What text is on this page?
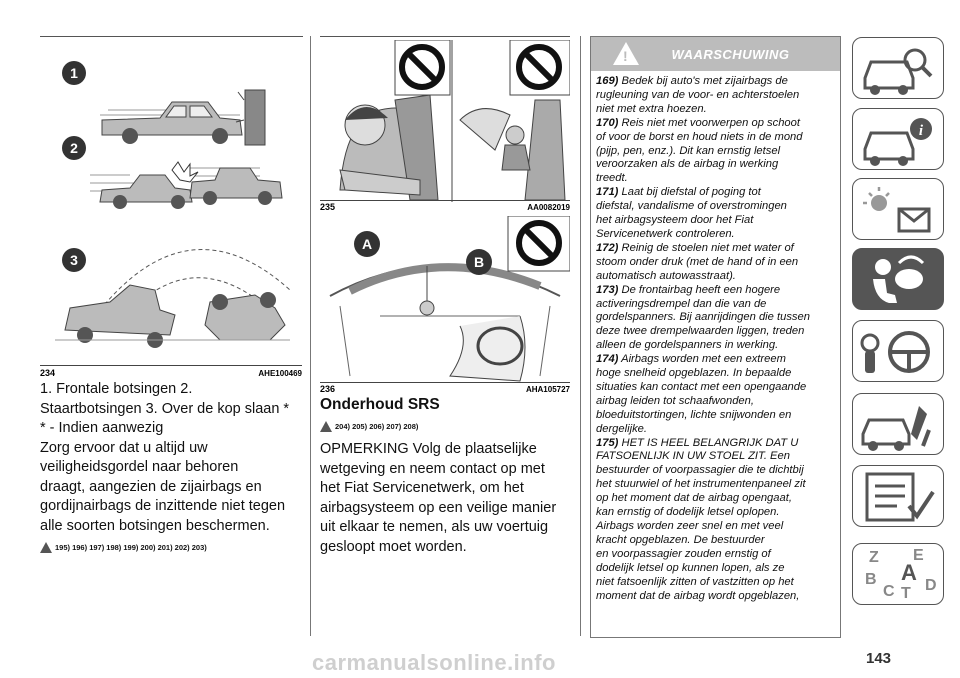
1
2
3
234	AHE100469

1. Frontale botsingen 2.

Staartbotsingen 3. Over de kop slaan *

* - Indien aanwezig

Zorg ervoor dat u altijd uw

veiligheidsgordel naar behoren

draagt, aangezien de zijairbags en

gordijnairbags de inzittende niet tegen

alle soorten botsingen beschermen.

195) 196) 197) 198) 199) 200) 201) 202) 203)
235	AA0082019
A
B
236	AHA105727

Onderhoud SRS

204) 205) 206) 207) 208)

OPMERKING Volg de plaatselijke

wetgeving en neem contact op met

het Fiat Servicenetwerk, om het

airbagsysteem op een veilige manier

uit elkaar te nemen, als uw voertuig

gesloopt moet worden.

!	WAARSCHUWING
169) Bedek bij auto's met zijairbags de
rugleuning van de voor- en achterstoelen
niet met extra hoezen.
170) Reis niet met voorwerpen op schoot
of voor de borst en houd niets in de mond
(pijp, pen, enz.). Dit kan ernstig letsel
veroorzaken als de airbag in werking
treedt.
171) Laat bij diefstal of poging tot
diefstal, vandalisme of overstromingen
het airbagsysteem door het Fiat
Servicenetwerk controleren.
172) Reinig de stoelen niet met water of
stoom onder druk (met de hand of in een
automatisch autowasstraat).
173) De frontairbag heeft een hogere
activeringsdrempel dan die van de
gordelspanners. Bij aanrijdingen die tussen
deze twee drempelwaarden liggen, treden
alleen de gordelspanners in werking.
174) Airbags worden met een extreem
hoge snelheid opgeblazen. In bepaalde
situaties kan contact met een opengaande
airbag leiden tot schaafwonden,
bloeduitstortingen, lichte snijwonden en
dergelijke.
175) HET IS HEEL BELANGRIJK DAT U
FATSOENLIJK IN UW STOEL ZIT. Een
bestuurder of voorpassagier die te dichtbij
het stuurwiel of het instrumentenpaneel zit
op het moment dat de airbag opengaat,
kan ernstig of dodelijk letsel oplopen.
Airbags worden zeer snel en met veel
kracht opgeblazen. De bestuurder
en voorpassagier zouden ernstig of
dodelijk letsel op kunnen lopen, als ze
niet fatsoenlijk zitten of vastzitten op het
moment dat de airbag wordt opgeblazen,
i
Z E
B A
C T D
carmanualsonline.info	143
